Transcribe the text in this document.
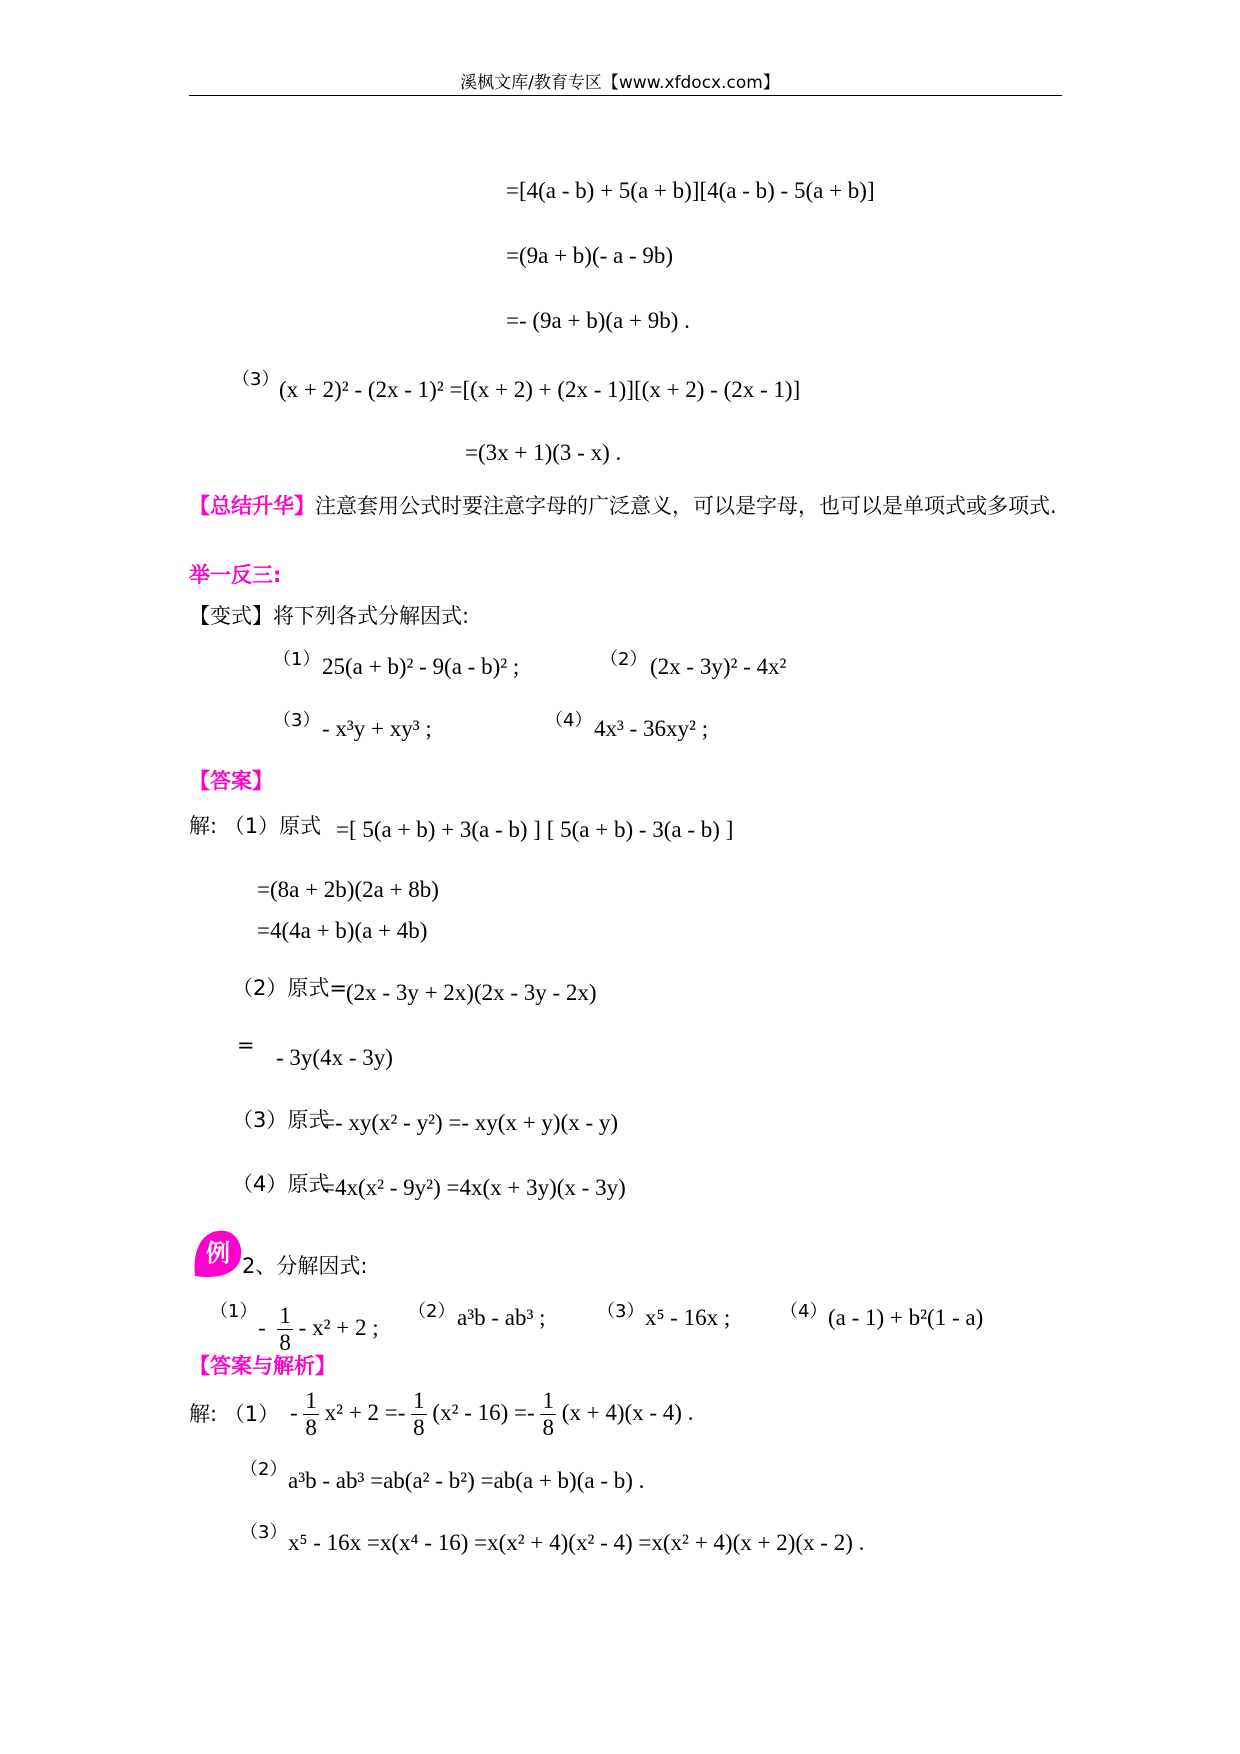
溪枫文库/教育专区【www.xfdocx.com】
=[4(a - b) + 5(a + b)][4(a - b) - 5(a + b)]
=(9a + b)(- a - 9b)
=- (9a + b)(a + 9b) .
（3） (x + 2)² - (2x - 1)² =[(x + 2) + (2x - 1)][(x + 2) - (2x - 1)]
=(3x + 1)(3 - x) .
【总结升华】注意套用公式时要注意字母的广泛意义，可以是字母，也可以是单项式或多项式.
举一反三:
【变式】将下列各式分解因式:
（1） 25(a + b)² - 9(a - b)² ;	（2） (2x - 3y)² - 4x²
（3） - x³y + xy³ ;	（4） 4x³ - 36xy² ;
【答案】
解: （1）原式 =[ 5(a + b) + 3(a - b) ] [ 5(a + b) - 3(a - b) ]
=(8a + 2b)(2a + 8b)
=4(4a + b)(a + 4b)
（2）原式= (2x - 3y + 2x)(2x - 3y - 2x)
= - 3y(4x - 3y)
（3）原式
=- xy(x² - y²) =- xy(x + y)(x - y)
（4）原式
=4x(x² - 9y²) =4x(x + 3y)(x - 3y)
例 2、分解因式:
（1）
- $\frac{1}{8} - x^2 + 2$ ;
（2） a³b - ab³ ;	（3） x⁵ - 16x ;	（4） (a - 1) + b²(1 - a)
【答案与解析】
解: $(1) - \frac{1}{8} x^2 + 2 =- \frac{1}{8} (x^2 - 16) =- \frac{1}{8} (x + 4)(x - 4)$ .
（2） a³b - ab³ =ab(a² - b²) =ab(a + b)(a - b) .
（3） x⁵ - 16x =x(x⁴ - 16) =x(x² + 4)(x² - 4) =x(x² + 4)(x + 2)(x - 2) .
